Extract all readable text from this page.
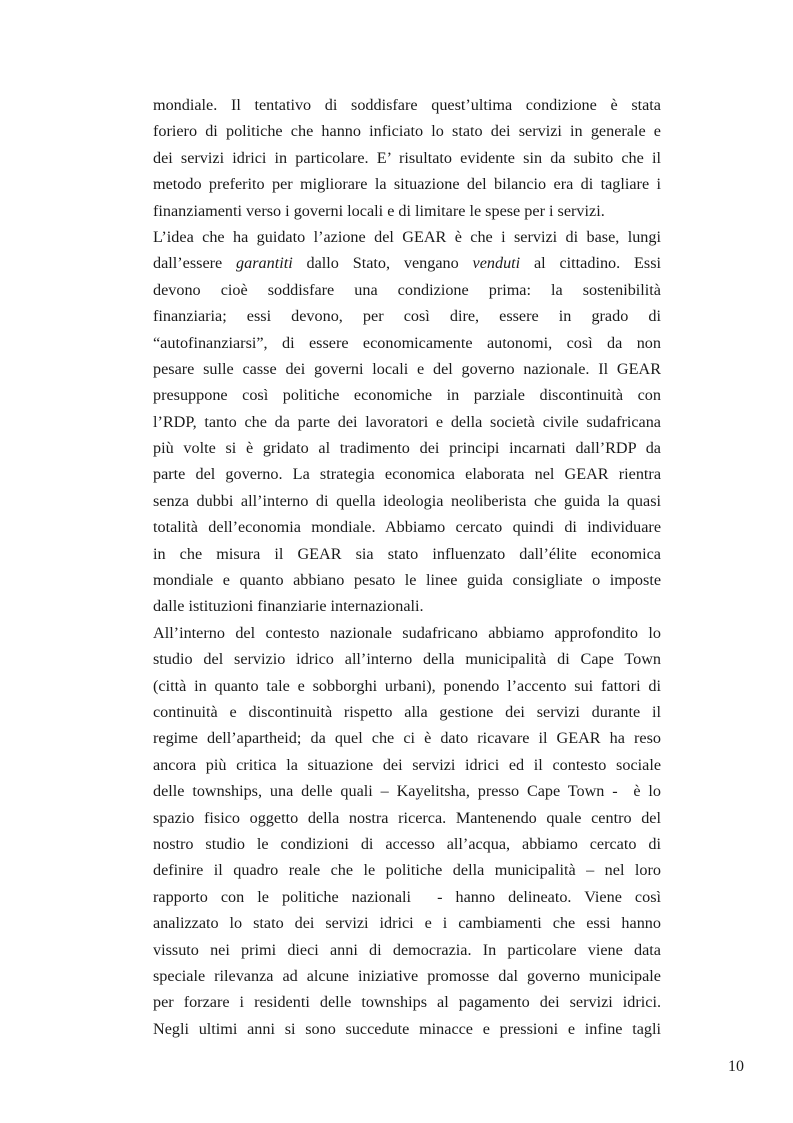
mondiale. Il tentativo di soddisfare quest’ultima condizione è stata
foriero di politiche che hanno inficiato lo stato dei servizi in generale e
dei servizi idrici in particolare. E’ risultato evidente sin da subito che il
metodo preferito per migliorare la situazione del bilancio era di tagliare i
finanziamenti verso i governi locali e di limitare le spese per i servizi.
L’idea che ha guidato l’azione del GEAR è che i servizi di base, lungi
dall’essere garantiti dallo Stato, vengano venduti al cittadino. Essi
devono cioè soddisfare una condizione prima: la sostenibilità
finanziaria; essi devono, per così dire, essere in grado di
“autofinanziarsi”, di essere economicamente autonomi, così da non
pesare sulle casse dei governi locali e del governo nazionale. Il GEAR
presuppone così politiche economiche in parziale discontinuità con
l’RDP, tanto che da parte dei lavoratori e della società civile sudafricana
più volte si è gridato al tradimento dei principi incarnati dall’RDP da
parte del governo. La strategia economica elaborata nel GEAR rientra
senza dubbi all’interno di quella ideologia neoliberista che guida la quasi
totalità dell’economia mondiale. Abbiamo cercato quindi di individuare
in che misura il GEAR sia stato influenzato dall’élite economica
mondiale e quanto abbiano pesato le linee guida consigliate o imposte
dalle istituzioni finanziarie internazionali.
All’interno del contesto nazionale sudafricano abbiamo approfondito lo
studio del servizio idrico all’interno della municipalità di Cape Town
(città in quanto tale e sobborghi urbani), ponendo l’accento sui fattori di
continuità e discontinuità rispetto alla gestione dei servizi durante il
regime dell’apartheid; da quel che ci è dato ricavare il GEAR ha reso
ancora più critica la situazione dei servizi idrici ed il contesto sociale
delle townships, una delle quali – Kayelitsha, presso Cape Town -  è lo
spazio fisico oggetto della nostra ricerca. Mantenendo quale centro del
nostro studio le condizioni di accesso all’acqua, abbiamo cercato di
definire il quadro reale che le politiche della municipalità – nel loro
rapporto con le politiche nazionali  - hanno delineato. Viene così
analizzato lo stato dei servizi idrici e i cambiamenti che essi hanno
vissuto nei primi dieci anni di democrazia. In particolare viene data
speciale rilevanza ad alcune iniziative promosse dal governo municipale
per forzare i residenti delle townships al pagamento dei servizi idrici.
Negli ultimi anni si sono succedute minacce e pressioni e infine tagli
10
